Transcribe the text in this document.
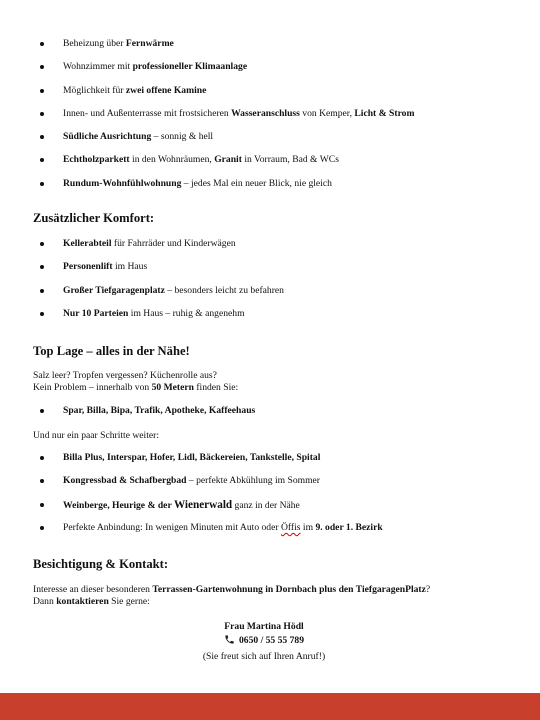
Beheizung über Fernwärme
Wohnzimmer mit professioneller Klimaanlage
Möglichkeit für zwei offene Kamine
Innen- und Außenterrasse mit frostsicheren Wasseranschluss von Kemper, Licht & Strom
Südliche Ausrichtung – sonnig & hell
Echtholzparkett in den Wohnräumen, Granit in Vorraum, Bad & WCs
Rundum-Wohnfühlwohnung – jedes Mal ein neuer Blick, nie gleich
Zusätzlicher Komfort:
Kellerabteil für Fahrräder und Kinderwägen
Personenlift im Haus
Großer Tiefgaragenplatz – besonders leicht zu befahren
Nur 10 Parteien im Haus – ruhig & angenehm
Top Lage – alles in der Nähe!
Salz leer? Tropfen vergessen? Küchenrolle aus?
Kein Problem – innerhalb von 50 Metern finden Sie:
Spar, Billa, Bipa, Trafik, Apotheke, Kaffeehaus
Und nur ein paar Schritte weiter:
Billa Plus, Interspar, Hofer, Lidl, Bäckereien, Tankstelle, Spital
Kongressbad & Schafbergbad – perfekte Abkühlung im Sommer
Weinberge, Heurige & der Wienerwald ganz in der Nähe
Perfekte Anbindung: In wenigen Minuten mit Auto oder Öffis im 9. oder 1. Bezirk
Besichtigung & Kontakt:
Interesse an dieser besonderen Terrassen-Gartenwohnung in Dornbach plus den TiefgaragenPlatz?
Dann kontaktieren Sie gerne:
Frau Martina Hödl
0650 / 55 55 789
(Sie freut sich auf Ihren Anruf!)
